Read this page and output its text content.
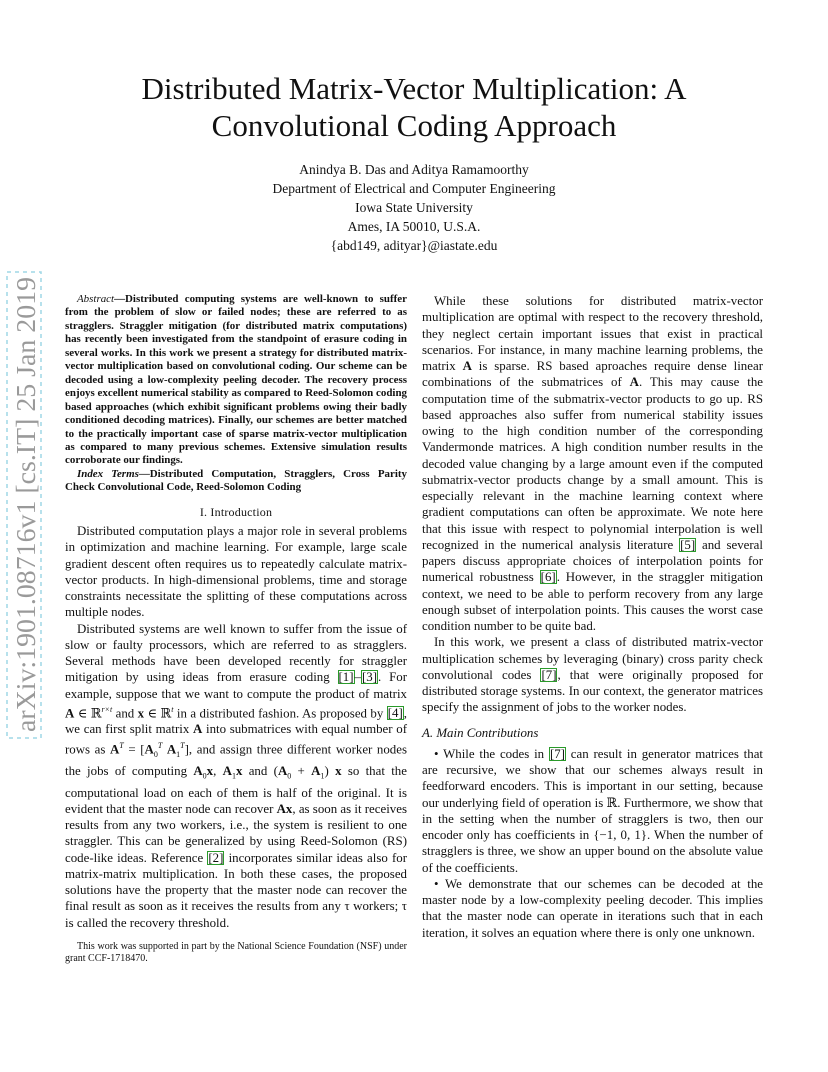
arXiv:1901.08716v1 [cs.IT] 25 Jan 2019
Distributed Matrix-Vector Multiplication: A
Convolutional Coding Approach
Anindya B. Das and Aditya Ramamoorthy
Department of Electrical and Computer Engineering
Iowa State University
Ames, IA 50010, U.S.A.
{abd149, adityar}@iastate.edu
Abstract—Distributed computing systems are well-known to suffer from the problem of slow or failed nodes; these are referred to as stragglers. Straggler mitigation (for distributed matrix computations) has recently been investigated from the standpoint of erasure coding in several works. In this work we present a strategy for distributed matrix-vector multiplication based on convolutional coding. Our scheme can be decoded using a low-complexity peeling decoder. The recovery process enjoys excellent numerical stability as compared to Reed-Solomon coding based approaches (which exhibit significant problems owing their badly conditioned decoding matrices). Finally, our schemes are better matched to the practically important case of sparse matrix-vector multiplication as compared to many previous schemes. Extensive simulation results corroborate our findings.
Index Terms—Distributed Computation, Stragglers, Cross Parity Check Convolutional Code, Reed-Solomon Coding
I. Introduction

Distributed computation plays a major role in several problems in optimization and machine learning. For example, large scale gradient descent often requires us to repeatedly calculate matrix-vector products. In high-dimensional problems, time and storage constraints necessitate the splitting of these computations across multiple nodes.

Distributed systems are well known to suffer from the issue of slow or faulty processors, which are referred to as stragglers. Several methods have been developed recently for straggler mitigation by using ideas from erasure coding [1]–[3]. For example, suppose that we want to compute the product of matrix A ∈ ℝ$^{r\times t}$ and x ∈ ℝ$^t$ in a distributed fashion. As proposed by [4], we can first split matrix A into submatrices with equal number of rows as $A^T = [A_0^T$ $A_1^T$], and assign three different worker nodes the jobs of computing $A_0x$, $A_1x$ and $(A_0 + A_1)$ x so that the computational load on each of them is half of the original. It is evident that the master node can recover Ax, as soon as it receives results from any two workers, i.e., the system is resilient to one straggler. This can be generalized by using Reed-Solomon (RS) code-like ideas. Reference [2] incorporates similar ideas also for matrix-matrix multiplication. In both these cases, the proposed solutions have the property that the master node can recover the final result as soon as it receives the results from any τ workers; τ is called the recovery threshold.

This work was supported in part by the National Science Foundation (NSF) under grant CCF-1718470.

While these solutions for distributed matrix-vector multiplication are optimal with respect to the recovery threshold, they neglect certain important issues that exist in practical scenarios. For instance, in many machine learning problems, the matrix A is sparse. RS based aproaches require dense linear combinations of the submatrices of A. This may cause the computation time of the submatrix-vector products to go up. RS based approaches also suffer from numerical stability issues owing to the high condition number of the corresponding Vandermonde matrices. A high condition number results in the decoded value changing by a large amount even if the computed submatrix-vector products change by a small amount. This is especially relevant in the machine learning context where gradient computations can often be approximate. We note here that this issue with respect to polynomial interpolation is well recognized in the numerical analysis literature [5] and several papers discuss appropriate choices of interpolation points for numerical robustness [6]. However, in the straggler mitigation context, we need to be able to perform recovery from any large enough subset of interpolation points. This causes the worst case condition number to be quite bad.

In this work, we present a class of distributed matrix-vector multiplication schemes by leveraging (binary) cross parity check convolutional codes [7], that were originally proposed for distributed storage systems. In our context, the generator matrices specify the assignment of jobs to the worker nodes.

A. Main Contributions

• While the codes in [7] can result in generator matrices that are recursive, we show that our schemes always result in feedforward encoders. This is important in our setting, because our underlying field of operation is ℝ. Furthermore, we show that in the setting when the number of stragglers is two, then our encoder only has coefficients in {−1, 0, 1}. When the number of stragglers is three, we show an upper bound on the absolute value of the coefficients.

• We demonstrate that our schemes can be decoded at the master node by a low-complexity peeling decoder. This implies that the master node can operate in iterations such that in each iteration, it solves an equation where there is only one unknown.
